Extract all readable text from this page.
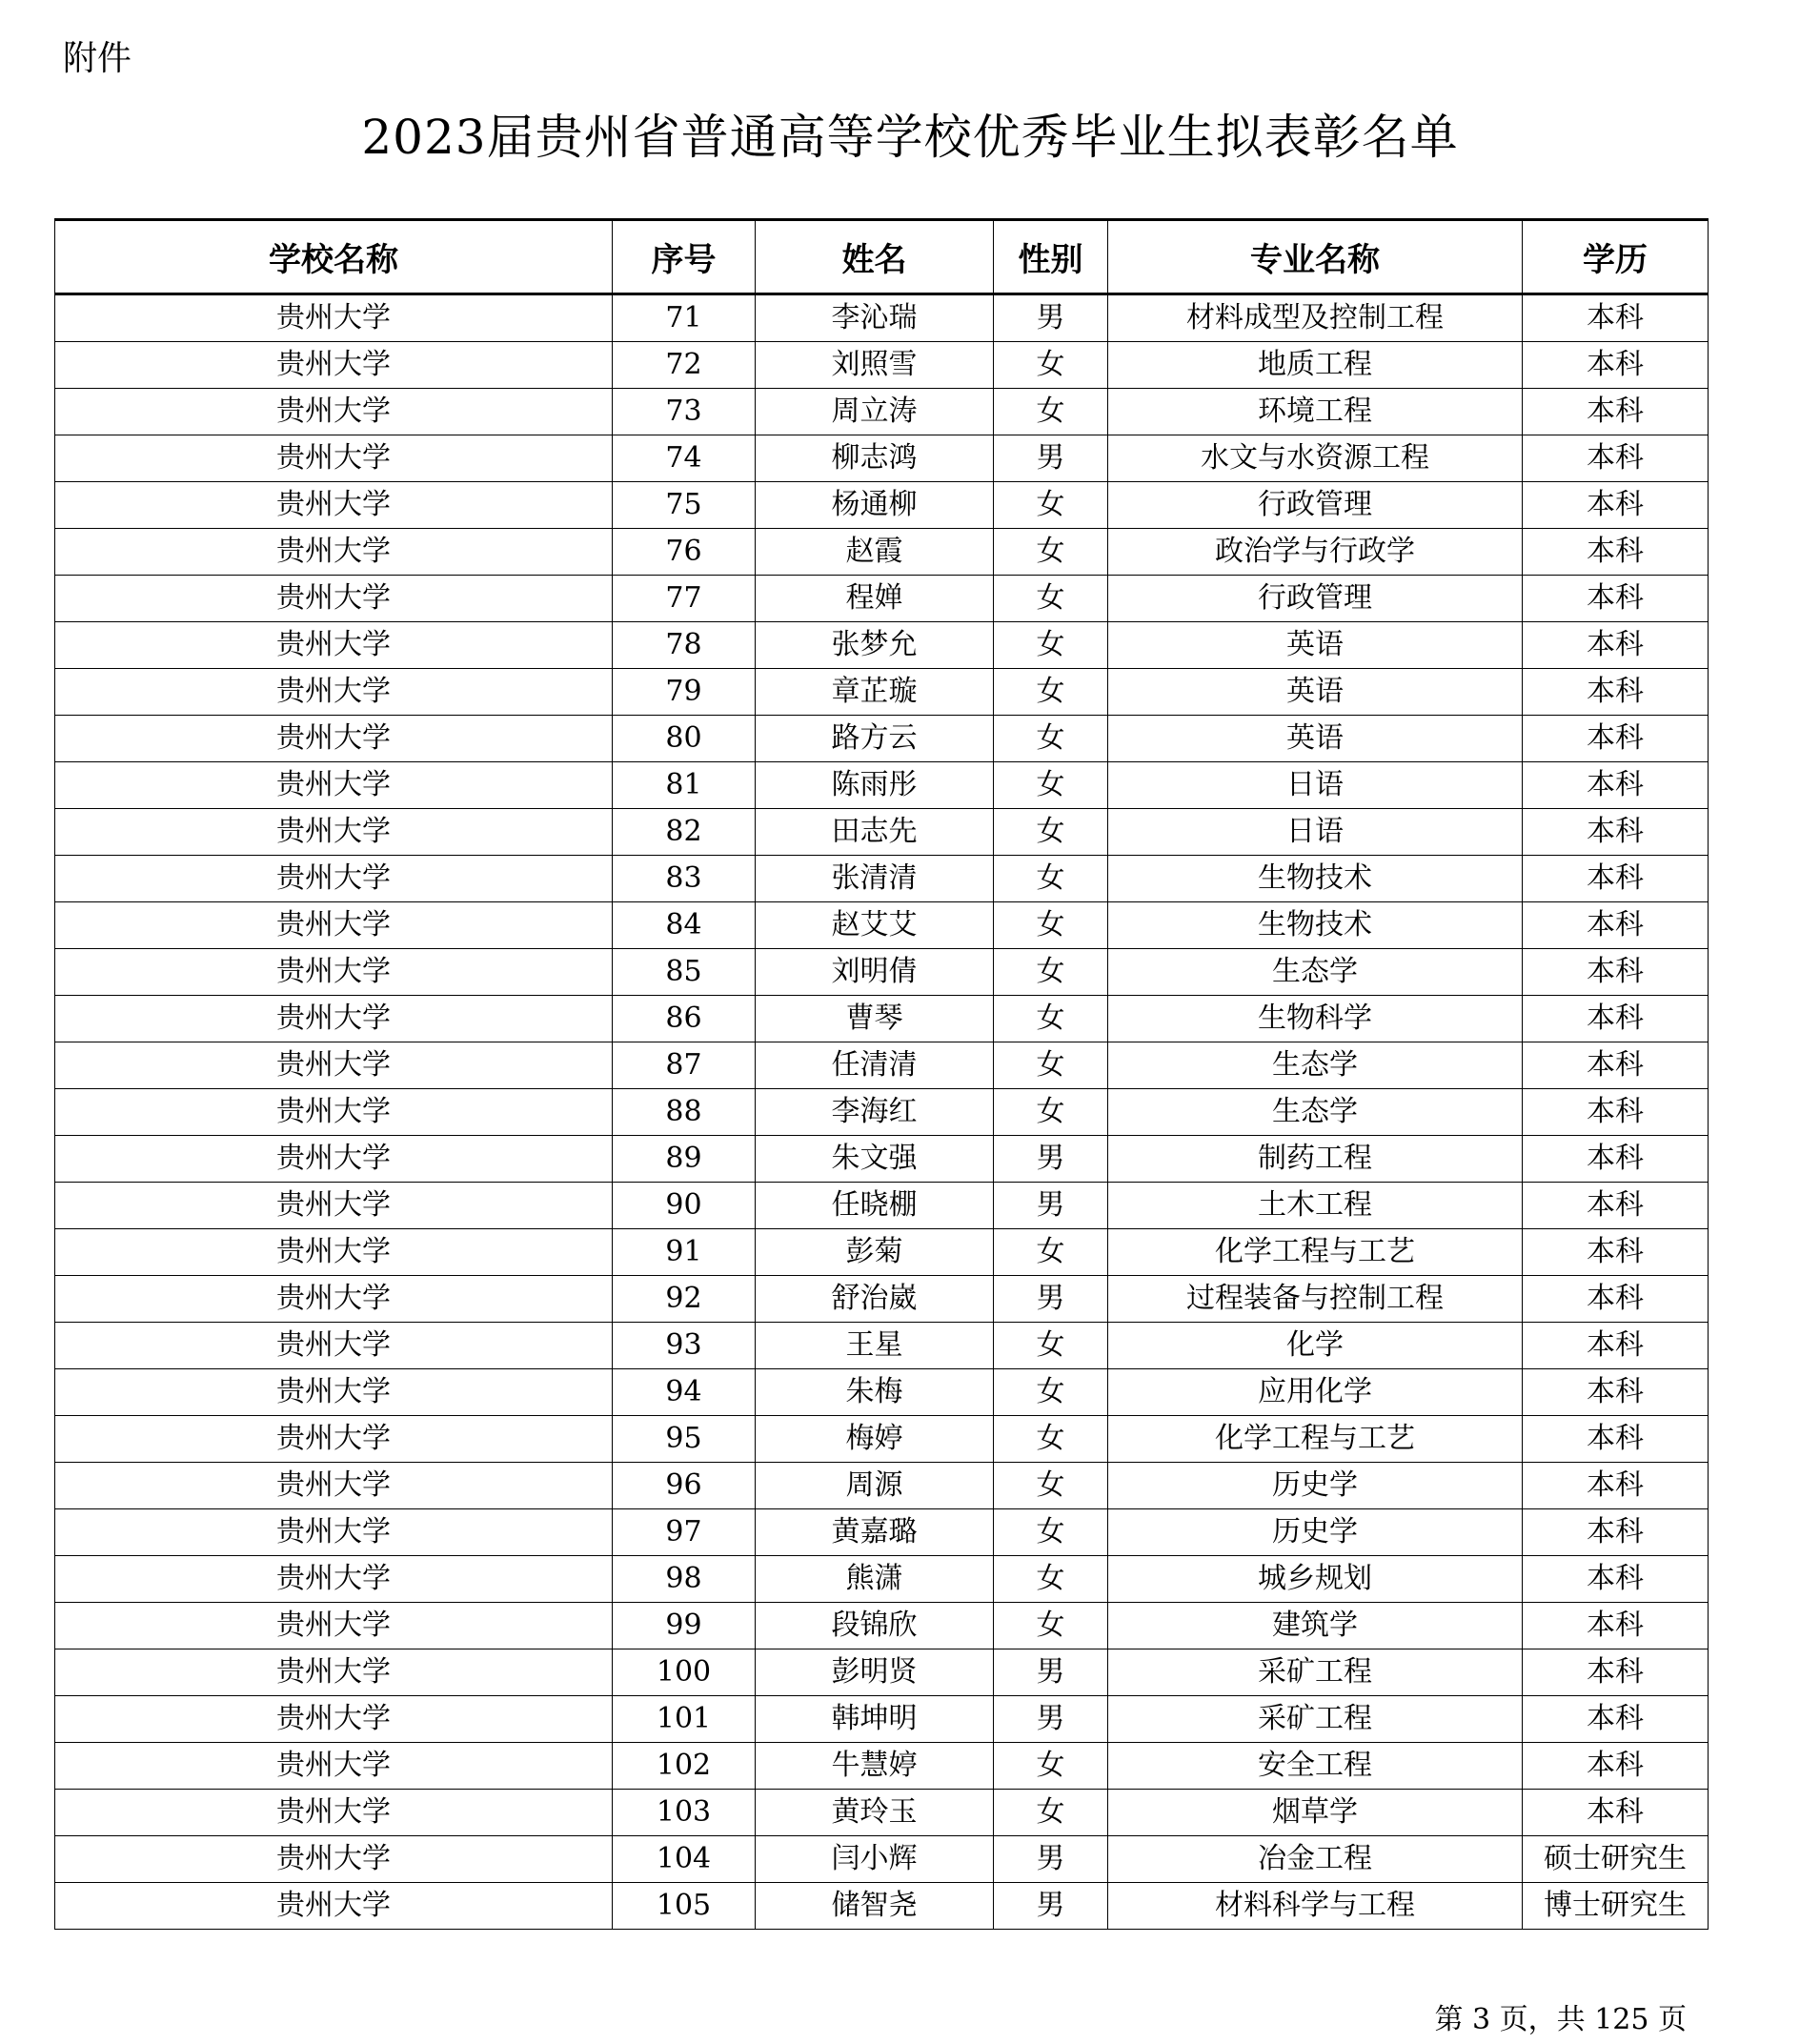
附件
2023届贵州省普通高等学校优秀毕业生拟表彰名单
学校名称	序号	姓名	性别	专业名称	学历
贵州大学	71	李沁瑞	男	材料成型及控制工程	本科
贵州大学	72	刘照雪	女	地质工程	本科
贵州大学	73	周立涛	女	环境工程	本科
贵州大学	74	柳志鸿	男	水文与水资源工程	本科
贵州大学	75	杨通柳	女	行政管理	本科
贵州大学	76	赵霞	女	政治学与行政学	本科
贵州大学	77	程婵	女	行政管理	本科
贵州大学	78	张梦允	女	英语	本科
贵州大学	79	章芷璇	女	英语	本科
贵州大学	80	路方云	女	英语	本科
贵州大学	81	陈雨彤	女	日语	本科
贵州大学	82	田志先	女	日语	本科
贵州大学	83	张清清	女	生物技术	本科
贵州大学	84	赵艾艾	女	生物技术	本科
贵州大学	85	刘明倩	女	生态学	本科
贵州大学	86	曹琴	女	生物科学	本科
贵州大学	87	任清清	女	生态学	本科
贵州大学	88	李海红	女	生态学	本科
贵州大学	89	朱文强	男	制药工程	本科
贵州大学	90	任晓棚	男	土木工程	本科
贵州大学	91	彭菊	女	化学工程与工艺	本科
贵州大学	92	舒治崴	男	过程装备与控制工程	本科
贵州大学	93	王星	女	化学	本科
贵州大学	94	朱梅	女	应用化学	本科
贵州大学	95	梅婷	女	化学工程与工艺	本科
贵州大学	96	周源	女	历史学	本科
贵州大学	97	黄嘉璐	女	历史学	本科
贵州大学	98	熊潇	女	城乡规划	本科
贵州大学	99	段锦欣	女	建筑学	本科
贵州大学	100	彭明贤	男	采矿工程	本科
贵州大学	101	韩坤明	男	采矿工程	本科
贵州大学	102	牛慧婷	女	安全工程	本科
贵州大学	103	黄玲玉	女	烟草学	本科
贵州大学	104	闫小辉	男	冶金工程	硕士研究生
贵州大学	105	储智尧	男	材料科学与工程	博士研究生
第 3 页，共 125 页
